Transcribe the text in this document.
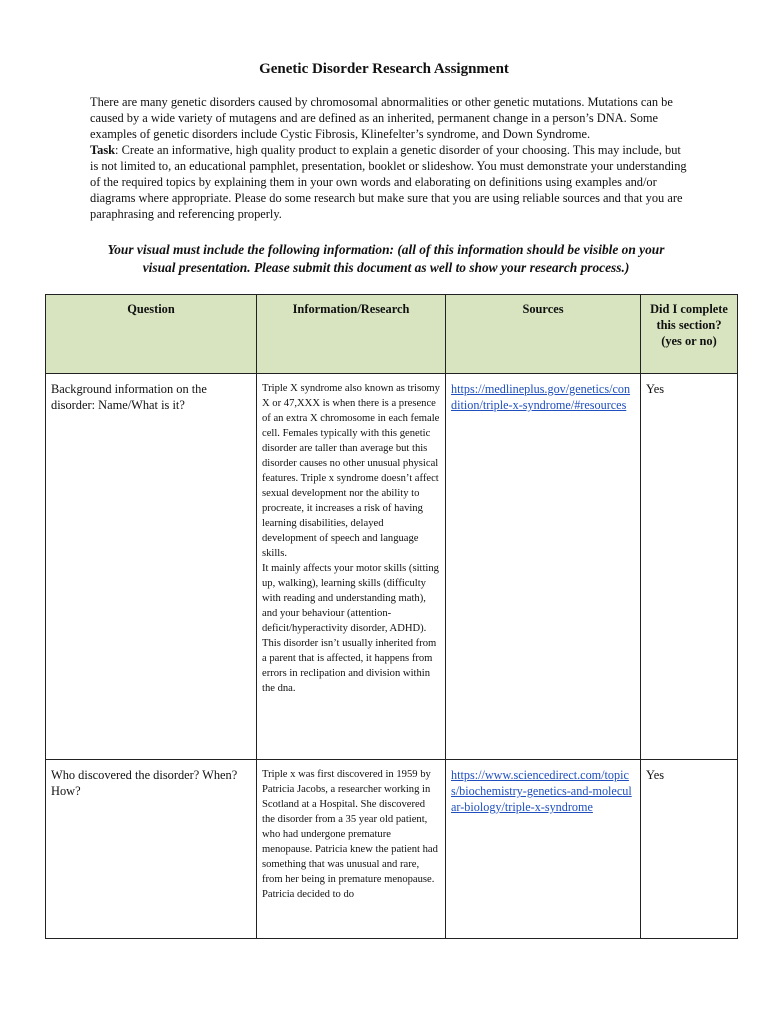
Genetic Disorder Research Assignment

There are many genetic disorders caused by chromosomal abnormalities or other genetic mutations. Mutations can be caused by a wide variety of mutagens and are defined as an inherited, permanent change in a person’s DNA. Some examples of genetic disorders include Cystic Fibrosis, Klinefelter’s syndrome, and Down Syndrome.

Task: Create an informative, high quality product to explain a genetic disorder of your choosing. This may include, but is not limited to, an educational pamphlet, presentation, booklet or slideshow. You must demonstrate your understanding of the required topics by explaining them in your own words and elaborating on definitions using examples and/or diagrams where appropriate. Please do some research but make sure that you are using reliable sources and that you are paraphrasing and referencing properly.

Your visual must include the following information: (all of this information should be visible on your visual presentation. Please submit this document as well to show your research process.)
Question	Information/Research	Sources	Did I complete this section? (yes or no)
Background information on the disorder: Name/What is it?	Triple X syndrome also known as trisomy X or 47,XXX is when there is a presence of an extra X chromosome in each female cell. Females typically with this genetic disorder are taller than average but this disorder causes no other unusual physical features. Triple x syndrome doesn’t affect sexual development nor the ability to procreate, it increases a risk of having learning disabilities, delayed development of speech and language skills.

It mainly affects your motor skills (sitting up, walking), learning skills (difficulty with reading and understanding math), and your behaviour (attention-deficit/hyperactivity disorder, ADHD). This disorder isn’t usually inherited from a parent that is affected, it happens from errors in reclipation and division within the dna.	https://medlineplus.gov/genetics/condition/triple-x-syndrome/#resources	Yes
Who discovered the disorder? When? How?	Triple x was first discovered in 1959 by Patricia Jacobs, a researcher working in Scotland at a Hospital. She discovered the disorder from a 35 year old patient, who had undergone premature menopause. Patricia knew the patient had something that was unusual and rare, from her being in premature menopause. Patricia decided to do	https://www.sciencedirect.com/topics/biochemistry-genetics-and-molecular-biology/triple-x-syndrome	Yes
